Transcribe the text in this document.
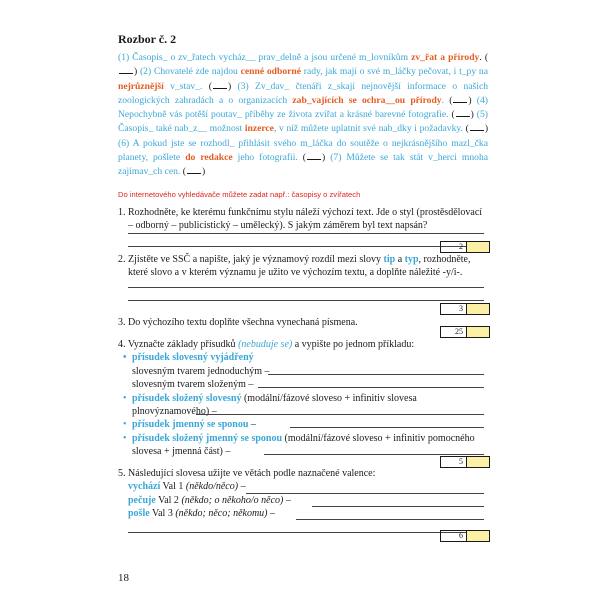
Rozbor č. 2
(1) Časopis_ o zv_řatech vycház__ prav_delně a jsou určené m_lovníkům zv_řat a přírody. () (2) Chovatelé zde najdou cenné odborné rady, jak mají o své m_láčky pečovat, i t_py na nejrůznější v_stav_. ( ) (3) Zv_dav_ čtenáři z_skají nejnovější informace o našich zoologických zahradách a o organizacích zab_vajících se ochra__ou přírody. ( ) (4) Nepochybně vás potěší poutav_ příběhy ze života zvířat a krásné barevné fotografie. ( ) (5) Časopis_ také nab_z__ možnost inzerce, v níž můžete uplatnit své nab_dky i požadavky. ( ) (6) A pokud jste se rozhodl_ přihlásit svého m_láčka do soutěže o nejkrásnějšího mazl_čka planety, pošlete do redakce jeho fotografii. ( ) (7) Můžete se tak stát v_herci mnoha zajímav_ch cen. ( )
Do internetového vyhledávače můžete zadat např.: časopisy o zvířatech
1. Rozhodněte, ke kterému funkčnímu stylu náleží výchozí text. Jde o styl (prostěsdělovací – odborný – publicistický – umělecký). S jakým záměrem byl text napsán?
2
2. Zjistěte ve SSČ a napište, jaký je významový rozdíl mezi slovy tip a typ, rozhodněte, které slovo a v kterém významu je užito ve výchozím textu, a doplňte náležité -y/i-.
3
3. Do výchozího textu doplňte všechna vynechaná písmena.
25
4. Vyznačte základy přísudků (nebuduje se) a vypište po jednom příkladu:
• přísudek slovesný vyjádřený
slovesným tvarem jednoduchým –
slovesným tvarem složeným –
• přísudek složený slovesný (modální/fázové sloveso + infinitiv slovesa plnovýznamového) –
• přísudek jmenný se sponou –
• přísudek složený jmenný se sponou (modální/fázové sloveso + infinitiv pomocného slovesa + jmenná část) –
5
5. Následující slovesa užijte ve větách podle naznačené valence:
vychází Val 1 (někdo/něco) –
pečuje Val 2 (někdo; o někoho/o něco) –
pošle Val 3 (někdo; něco; někomu) –
6
18
